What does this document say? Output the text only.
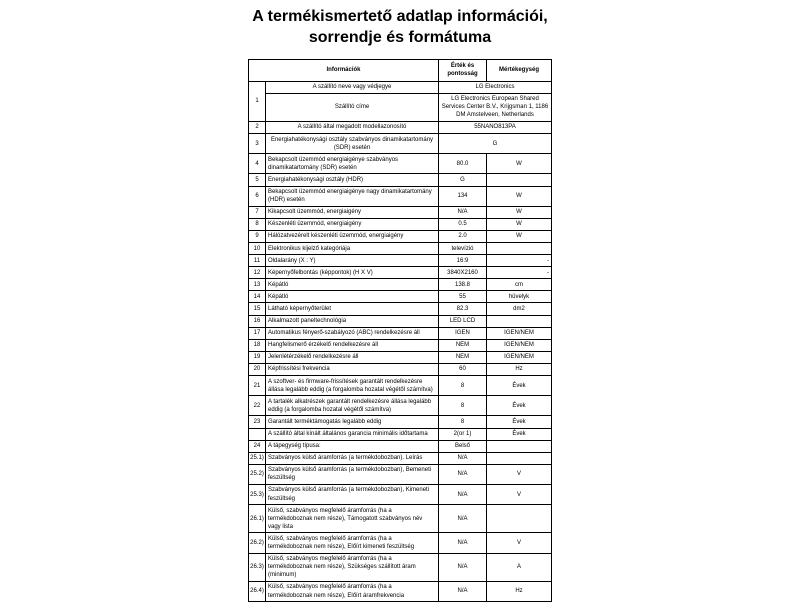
A termékismertető adatlap információi,
sorrendje és formátuma
Információk		Érték és pontosság	Mértékegység
1	A szállító neve vagy védjegye	LG Electronics	
	Szállító címe	LG Electronics European Shared Services Center B.V., Krijgsman 1, 1186 DM Amstelveen, Netherlands	
2	A szállító által megadott modellazonosító	55NANO813PA	
3	Energiahatékonysági osztály szabványos dinamikatartomány (SDR) esetén	G	
4	Bekapcsolt üzemmód energiaigénye szabványos dinamikatartomány (SDR) esetén	80.0	W
5	Energiahatékonysági osztály (HDR)	G	
6	Bekapcsolt üzemmód energiaigénye nagy dinamikatartomány (HDR) esetén	134	W
7	Kikapcsolt üzemmód, energiaigény	N/A	W
8	Készenléti üzemmód, energiaigény	0.5	W
9	Hálózatvezérelt készenléti üzemmód, energiaigény	2.0	W
10	Elektronikus kijelző kategóriája	televízió	
11	Oldalarány (X : Y)	16:9	-
12	Képernyőfelbontás (képpontok) (H X V)	3840X2160	-
13	Képátló	138.8	cm
14	Képátló	55	hüvelyk
15	Látható képernyőterület	82.3	dm2
16	Alkalmazott paneltechnológia	LED LCD	
17	Automatikus fényerő-szabályozó (ABC) rendelkezésre áll	IGEN	IGEN/NEM
18	Hangfelismerő érzékelő rendelkezésre áll	NEM	IGEN/NEM
19	Jelenlétérzékelő rendelkezésre áll	NEM	IGEN/NEM
20	Képfrissítési frekvencia	60	Hz
21	A szoftver- és firmware-frissítések garantált rendelkezésre állása legalább eddig (a forgalomba hozatal végétől számítva)	8	Évek
22	A tartalék alkatrészek garantált rendelkezésre állása legalább eddig (a forgalomba hozatal végétől számítva)	8	Évek
23	Garantált terméktámogatás legalább eddig	8	Évek
	A szállító által kínált általános garancia minimális időtartama	2(or 1)	Évek
24	A tápegység típusa:	Belső	
25.1)	Szabványos külső áramforrás (a termékdobozban). Leírás	N/A	
25.2)	Szabványos külső áramforrás (a termékdobozban), Bemeneti feszültség	N/A	V
25.3)	Szabványos külső áramforrás (a termékdobozban), Kimeneti feszültség	N/A	V
26.1)	Külső, szabványos megfelelő áramforrás (ha a termékdoboznak nem része), Támogatott szabványos név vagy lista	N/A	
26.2)	Külső, szabványos megfelelő áramforrás (ha a termékdoboznak nem része), Előírt kimeneti feszültség	N/A	V
26.3)	Külső, szabványos megfelelő áramforrás (ha a termékdoboznak nem része), Szükséges szállított áram (minimum)	N/A	A
26.4)	Külső, szabványos megfelelő áramforrás (ha a termékdoboznak nem része), Előírt áramfrekvencia	N/A	Hz
